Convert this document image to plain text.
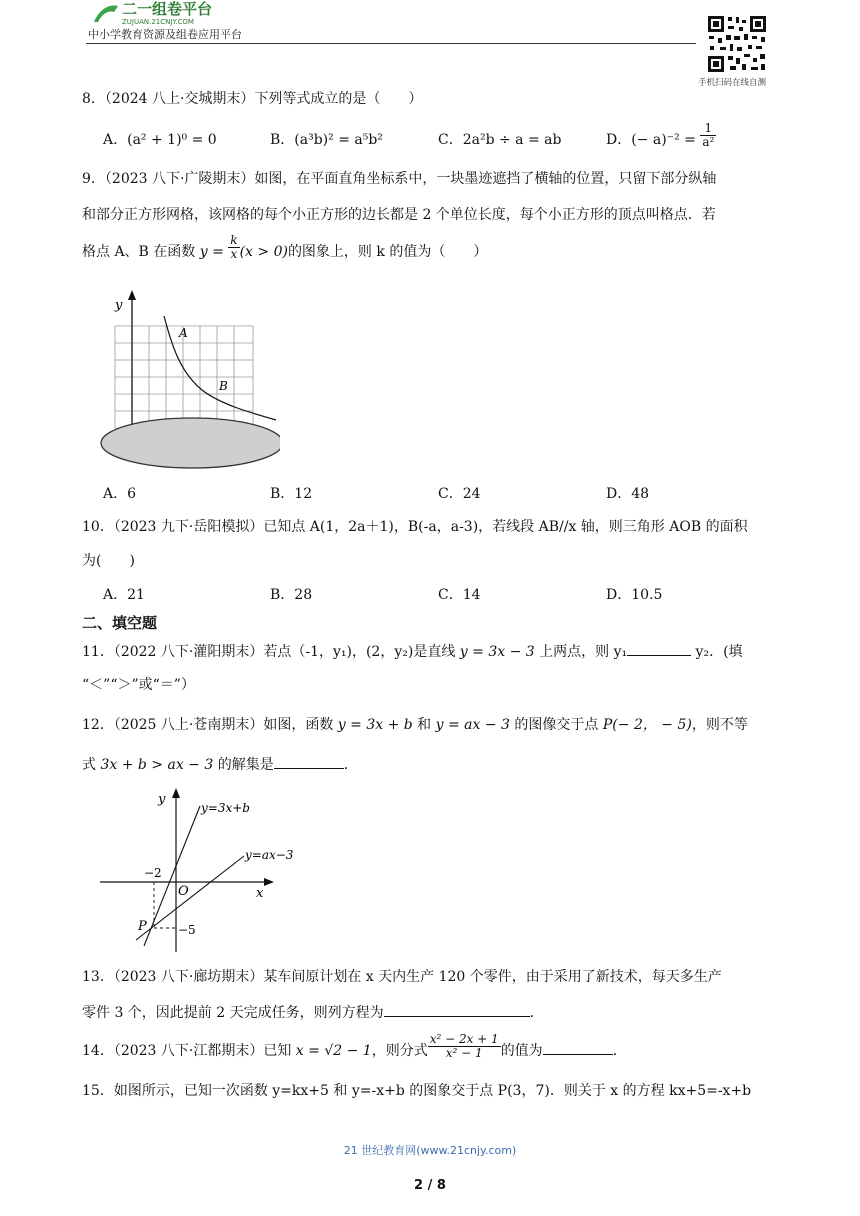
二一组卷平台
ZUJUAN.21CNJY.COM
中小学教育资源及组卷应用平台
手机扫码在线自测
8．（2024 八上·交城期末）下列等式成立的是（　　）
A．(a² + 1)⁰ = 0	B．(a³b)² = a⁵b²	C．2a²b ÷ a = ab	D．(− $a)^{-2} = \frac{1}{\text{a²}}$
9．（2023 八下·广陵期末）如图，在平面直角坐标系中，一块墨迹遮挡了横轴的位置，只留下部分纵轴
和部分正方形网格，该网格的每个小正方形的边长都是 2 个单位长度，每个小正方形的顶点叫格点．若
格点 A、B 在函数 $y = \frac{k}{x} (x > 0)$的图象上，则 k 的值为（　　）
y
A
B
A．6	B．12	C．24	D．48
10．（2023 九下·岳阳模拟）已知点 A(1，2a＋1)，B(-a，a-3)，若线段 AB//x 轴，则三角形 AOB 的面积
为(　　)
A．21	B．28	C．14	D．10.5
二、填空题
11．（2022 八下·灌阳期末）若点（-1，y₁)，(2，y₂)是直线 y = 3x − 3 上两点，则 y₁	y₂．(填
“＜”“＞”或“＝”）
12．（2025 八上·苍南期末）如图，函数 y = 3x + b 和 y = ax − 3 的图像交于点 P(− 2， − 5)，则不等
式 3x + b > ax − 3 的解集是	．
y
x
O
−2
−5
P
y=3x+b
y=ax−3
13．（2023 八下·廊坊期末）某车间原计划在 x 天内生产 120 个零件，由于采用了新技术，每天多生产
零件 3 个，因此提前 2 天完成任务，则列方程为	．
14．（2023 八下·江都期末）已知 x = √2 − 1，则分式 $\frac{\text{x² − 2x + 1}}{\text{x² − 1}}$ 的值为	．
15．如图所示，已知一次函数 y=kx+5 和 y=-x+b 的图象交于点 P(3，7)．则关于 x 的方程 kx+5=-x+b
21 世纪教育网(www.21cnjy.com)
2 / 8
